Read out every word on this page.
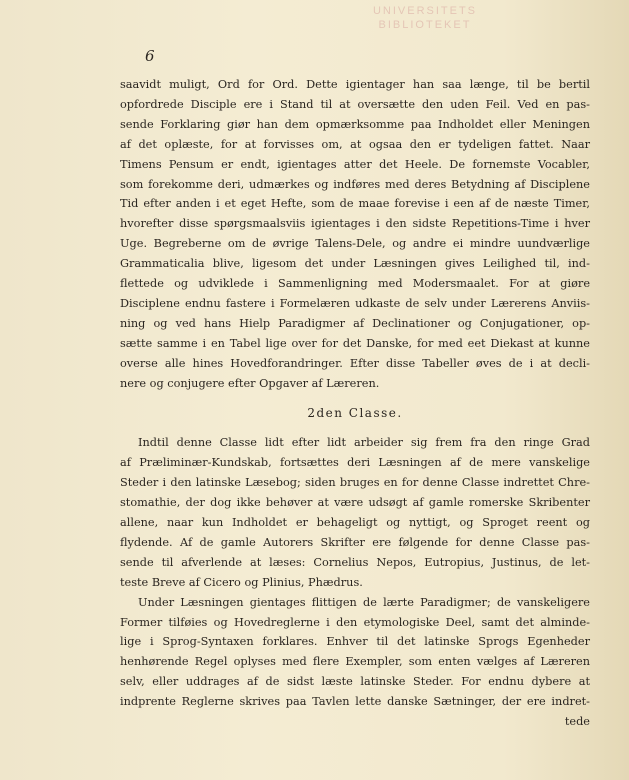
UNIVERSITETS
BIBLIOTEKET
6
saavidt muligt, Ord for Ord. Dette igientager han saa længe, til be bertil
opfordrede Disciple ere i Stand til at oversætte den uden Feil. Ved en pas-
sende Forklaring giør han dem opmærksomme paa Indholdet eller Meningen
af det oplæste, for at forvisses om, at ogsaa den er tydeligen fattet. Naar
Timens Pensum er endt, igientages atter det Heele. De fornemste Vocabler,
som forekomme deri, udmærkes og indføres med deres Betydning af Disciplene
Tid efter anden i et eget Hefte, som de maae forevise i een af de næste Timer,
hvorefter disse spørgsmaalsviis igientages i den sidste Repetitions-Time i hver
Uge. Begreberne om de øvrige Talens-Dele, og andre ei mindre uundværlige
Grammaticalia blive, ligesom det under Læsningen gives Leilighed til, ind-
flettede og udviklede i Sammenligning med Modersmaalet. For at giøre
Disciplene endnu fastere i Formelæren udkaste de selv under Lærerens Anviis-
ning og ved hans Hielp Paradigmer af Declinationer og Conjugationer, op-
sætte samme i en Tabel lige over for det Danske, for med eet Diekast at kunne
overse alle hines Hovedforandringer. Efter disse Tabeller øves de i at decli-
nere og conjugere efter Opgaver af Læreren.
2den Classe.
Indtil denne Classe lidt efter lidt arbeider sig frem fra den ringe Grad
af Præliminær-Kundskab, fortsættes deri Læsningen af de mere vanskelige
Steder i den latinske Læsebog; siden bruges en for denne Classe indrettet Chre-
stomathie, der dog ikke behøver at være udsøgt af gamle romerske Skribenter
allene, naar kun Indholdet er behageligt og nyttigt, og Sproget reent og
flydende. Af de gamle Autorers Skrifter ere følgende for denne Classe pas-
sende til afverlende at læses: Cornelius Nepos, Eutropius, Justinus, de let-
teste Breve af Cicero og Plinius, Phædrus.
Under Læsningen gientages flittigen de lærte Paradigmer; de vanskeligere
Former tilføies og Hovedreglerne i den etymologiske Deel, samt det alminde-
lige i Sprog-Syntaxen forklares. Enhver til det latinske Sprogs Egenheder
henhørende Regel oplyses med flere Exempler, som enten vælges af Læreren
selv, eller uddrages af de sidst læste latinske Steder. For endnu dybere at
indprente Reglerne skrives paa Tavlen lette danske Sætninger, der ere indret-
tede
